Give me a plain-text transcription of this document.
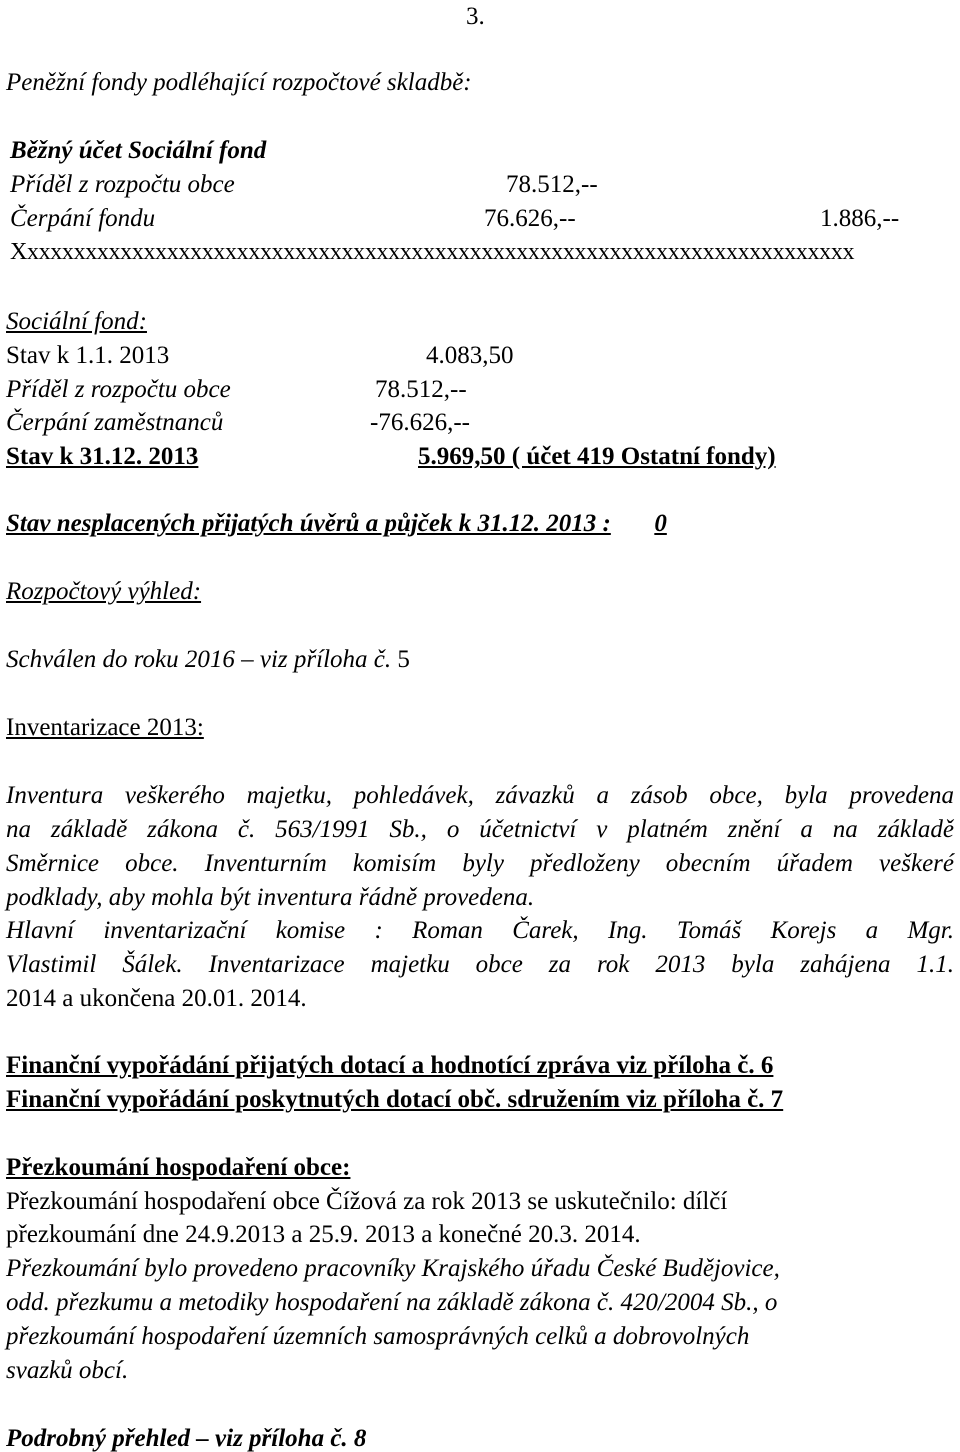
3.
Peněžní fondy podléhající rozpočtové skladbě:
Běžný účet Sociální fond
Příděl z rozpočtu obce	78.512,--
Čerpání fondu	76.626,--	1.886,--
Xxxxxxxxxxxxxxxxxxxxxxxxxxxxxxxxxxxxxxxxxxxxxxxxxxxxxxxxxxxxxxxxxxxxxxxx
Sociální fond:
Stav k 1.1. 2013	4.083,50
Příděl z rozpočtu obce	78.512,--
Čerpání zaměstnanců	-76.626,--
Stav k 31.12. 2013	5.969,50 ( účet 419 Ostatní fondy)
Stav nesplacených přijatých úvěrů a půjček k 31.12. 2013 : 0
Rozpočtový výhled:
Schválen do roku 2016 – viz příloha č. 5
Inventarizace 2013:
Inventura veškerého majetku, pohledávek, závazků a zásob obce, byla provedena
na základě zákona č. 563/1991 Sb., o účetnictví v platném znění a na základě
Směrnice obce. Inventurním komisím byly předloženy obecním úřadem veškeré
podklady, aby mohla být inventura řádně provedena.
Hlavní inventarizační komise : Roman Čarek, Ing. Tomáš Korejs a Mgr.
Vlastimil Šálek. Inventarizace majetku obce za rok 2013 byla zahájena 1.1.
2014 a ukončena 20.01. 2014.
Finanční vypořádání přijatých dotací a hodnotící zpráva viz příloha č. 6
Finanční vypořádání poskytnutých dotací obč. sdružením viz příloha č. 7
Přezkoumání hospodaření obce:
Přezkoumání hospodaření obce Čížová za rok 2013 se uskutečnilo: dílčí
přezkoumání dne 24.9.2013 a 25.9. 2013 a konečné 20.3. 2014.
Přezkoumání bylo provedeno pracovníky Krajského úřadu České Budějovice,
odd. přezkumu a metodiky hospodaření na základě zákona č. 420/2004 Sb., o
přezkoumání hospodaření územních samosprávných celků a dobrovolných
svazků obcí.
Podrobný přehled – viz příloha č. 8
